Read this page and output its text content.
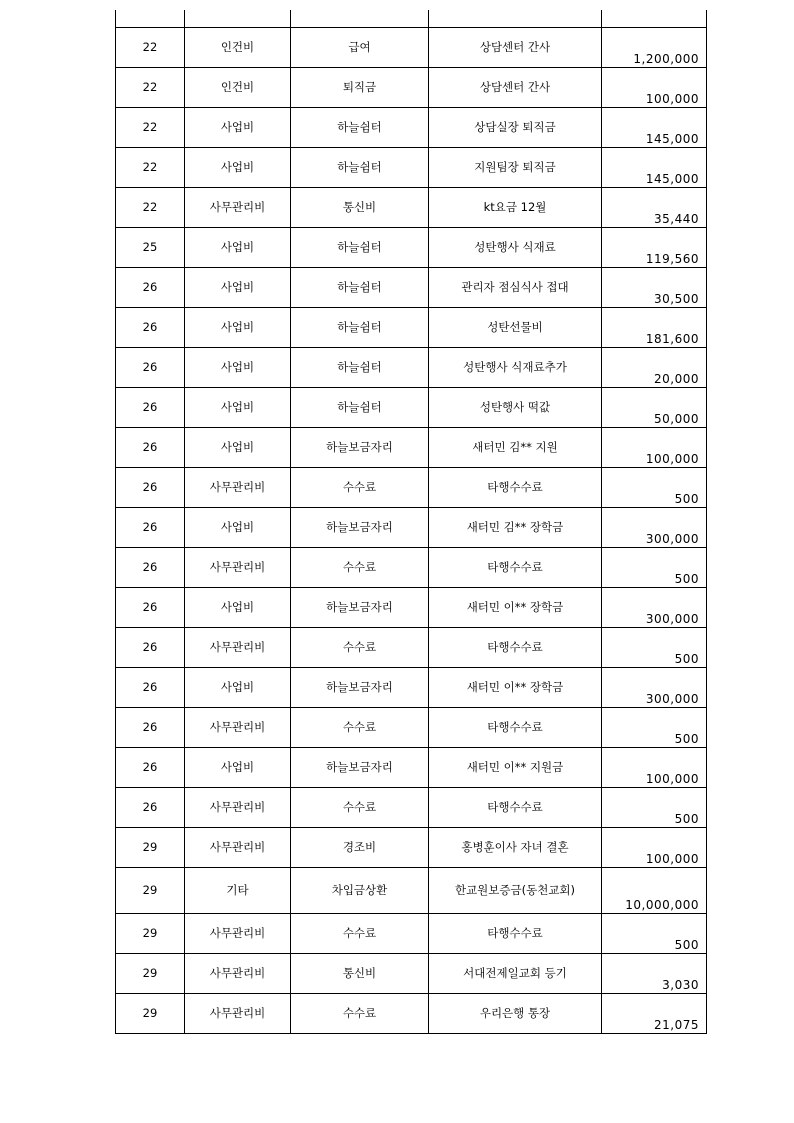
22	인건비	급여	상담센터 간사	1,200,000
22	인건비	퇴직금	상담센터 간사	100,000
22	사업비	하늘쉼터	상담실장 퇴직금	145,000
22	사업비	하늘쉼터	지원팀장 퇴직금	145,000
22	사무관리비	통신비	kt요금 12월	35,440
25	사업비	하늘쉼터	성탄행사 식재료	119,560
26	사업비	하늘쉼터	관리자 점심식사 접대	30,500
26	사업비	하늘쉼터	성탄선물비	181,600
26	사업비	하늘쉼터	성탄행사 식재료추가	20,000
26	사업비	하늘쉼터	성탄행사 떡값	50,000
26	사업비	하늘보금자리	새터민 김** 지원	100,000
26	사무관리비	수수료	타행수수료	500
26	사업비	하늘보금자리	새터민 김** 장학금	300,000
26	사무관리비	수수료	타행수수료	500
26	사업비	하늘보금자리	새터민 이** 장학금	300,000
26	사무관리비	수수료	타행수수료	500
26	사업비	하늘보금자리	새터민 이** 장학금	300,000
26	사무관리비	수수료	타행수수료	500
26	사업비	하늘보금자리	새터민 이** 지원금	100,000
26	사무관리비	수수료	타행수수료	500
29	사무관리비	경조비	홍병훈이사 자녀 결혼	100,000
29	기타	차입금상환	한교원보증금(동천교회)	10,000,000
29	사무관리비	수수료	타행수수료	500
29	사무관리비	통신비	서대전제일교회 등기	3,030
29	사무관리비	수수료	우리은행 통장	21,075
